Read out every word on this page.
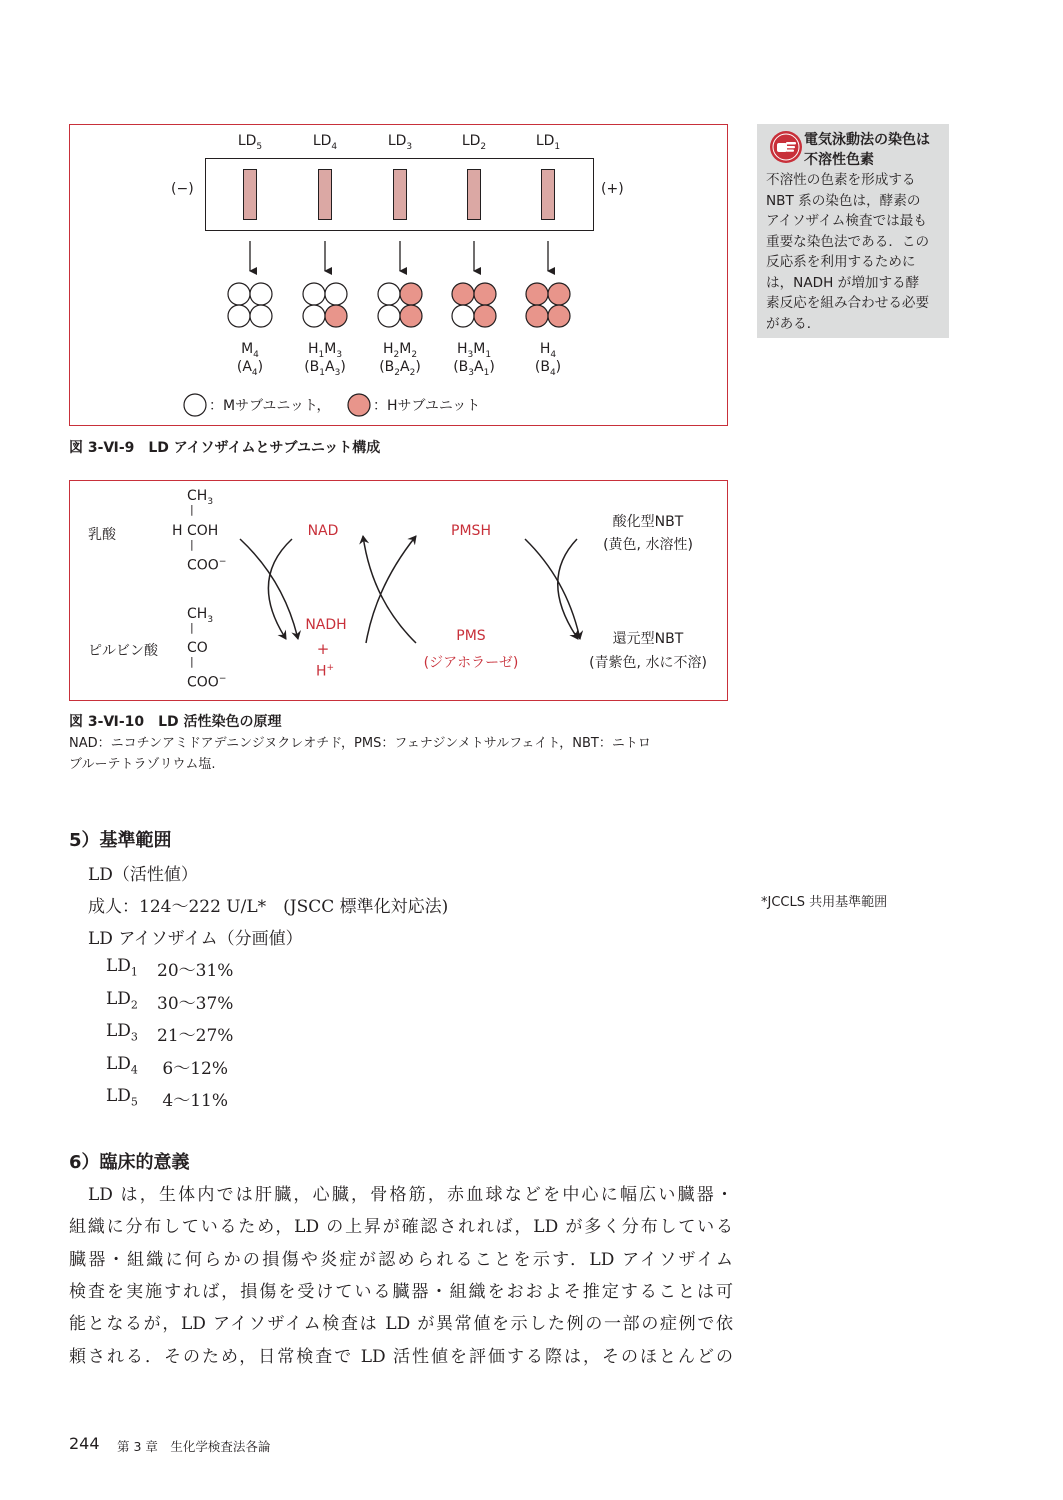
$LD_5$	$LD_4$	$LD_3$	$LD_2$	$LD_1$
(−)	(+)
$M_4$
$(A_4)$
$H_1M_3$
$(B_1A_3)$
$H_2M_2$
$(B_2A_2)$
$H_3M_1$
$(B_3A_1)$
$H_4$
$(B_4)$
：Mサブユニット，	：Hサブユニット
図 3-Ⅵ-9　LD アイソザイムとサブユニット構成
乳酸
ピルビン酸
$CH_3$
|
H COH
|
COO−
$CH_3$
|
CO
|
COO−
NAD
NADH
+
H+
PMSH
PMS
(ジアホラーゼ)
酸化型NBT
(黄色, 水溶性)
還元型NBT
(青紫色, 水に不溶)
図 3-Ⅵ-10　LD 活性染色の原理
NAD：ニコチンアミドアデニンジヌクレオチド，PMS：フェナジンメトサルフェイト，NBT：ニトロ
ブルーテトラゾリウム塩.
電気泳動法の染色は
不溶性色素
不溶性の色素を形成する
NBT 系の染色は，酵素の
アイソザイム検査では最も
重要な染色法である．この
反応系を利用するために
は，NADH が増加する酵
素反応を組み合わせる必要
がある．
5）基準範囲
LD（活性値）
成人：124〜222 U/L*　(JSCC 標準化対応法)
LD アイソザイム（分画値）
$LD_1$ 20〜31%
$LD_2$ 30〜37%
$LD_3$ 21〜27%
$LD_4$ 6〜12%
$LD_5$ 4〜11%
*JCCLS 共用基準範囲
6）臨床的意義
LD は，生体内では肝臓，心臓，骨格筋，赤血球などを中心に幅広い臓器・
組織に分布しているため，LD の上昇が確認されれば，LD が多く分布している
臓器・組織に何らかの損傷や炎症が認められることを示す．LD アイソザイム
検査を実施すれば，損傷を受けている臓器・組織をおおよそ推定することは可
能となるが，LD アイソザイム検査は LD が異常値を示した例の一部の症例で依
頼される．そのため，日常検査で LD 活性値を評価する際は，そのほとんどの
244 第 3 章　生化学検査法各論
